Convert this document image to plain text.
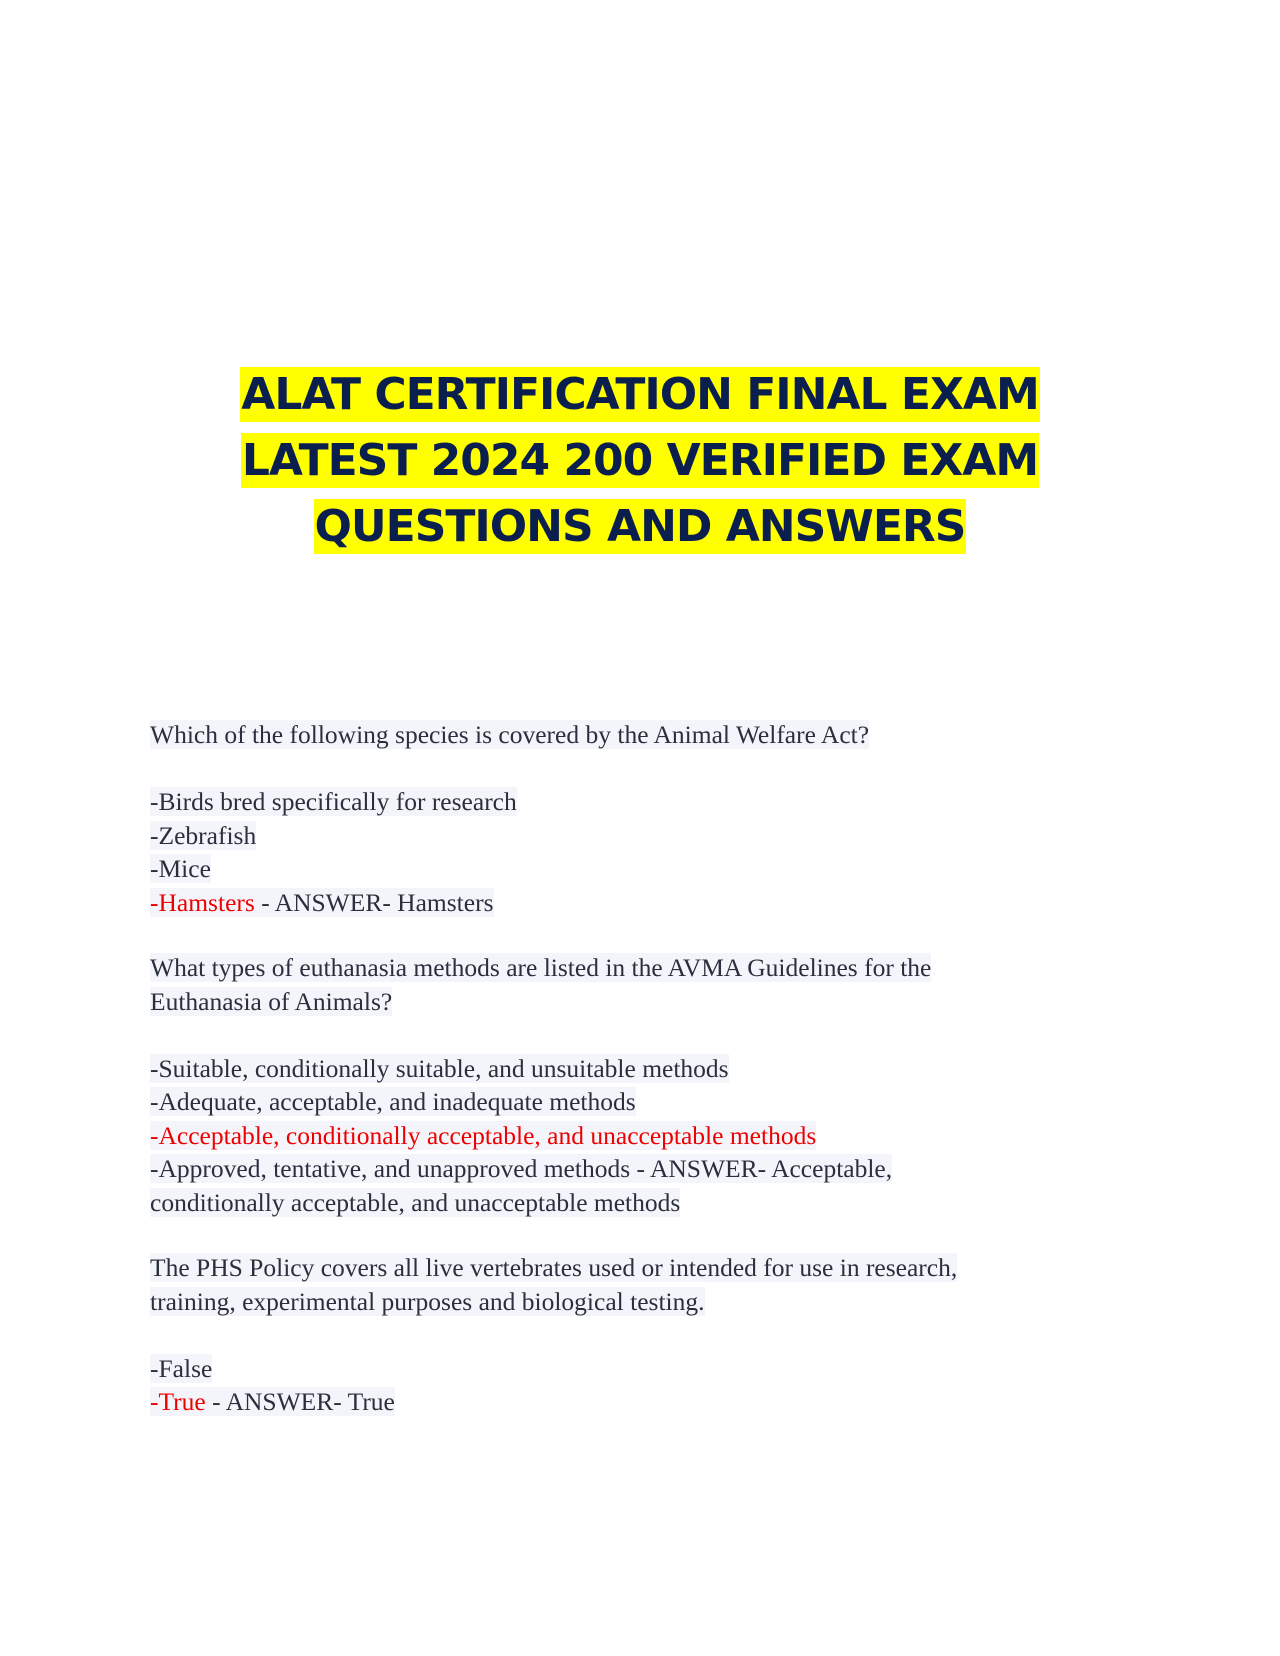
ALAT CERTIFICATION FINAL EXAM
LATEST 2024 200 VERIFIED EXAM
QUESTIONS AND ANSWERS
Which of the following species is covered by the Animal Welfare Act?
-Birds bred specifically for research
-Zebrafish
-Mice
-Hamsters - ANSWER- Hamsters
What types of euthanasia methods are listed in the AVMA Guidelines for the
Euthanasia of Animals?
-Suitable, conditionally suitable, and unsuitable methods
-Adequate, acceptable, and inadequate methods
-Acceptable, conditionally acceptable, and unacceptable methods
-Approved, tentative, and unapproved methods - ANSWER- Acceptable,
conditionally acceptable, and unacceptable methods
The PHS Policy covers all live vertebrates used or intended for use in research,
training, experimental purposes and biological testing.
-False
-True - ANSWER- True
